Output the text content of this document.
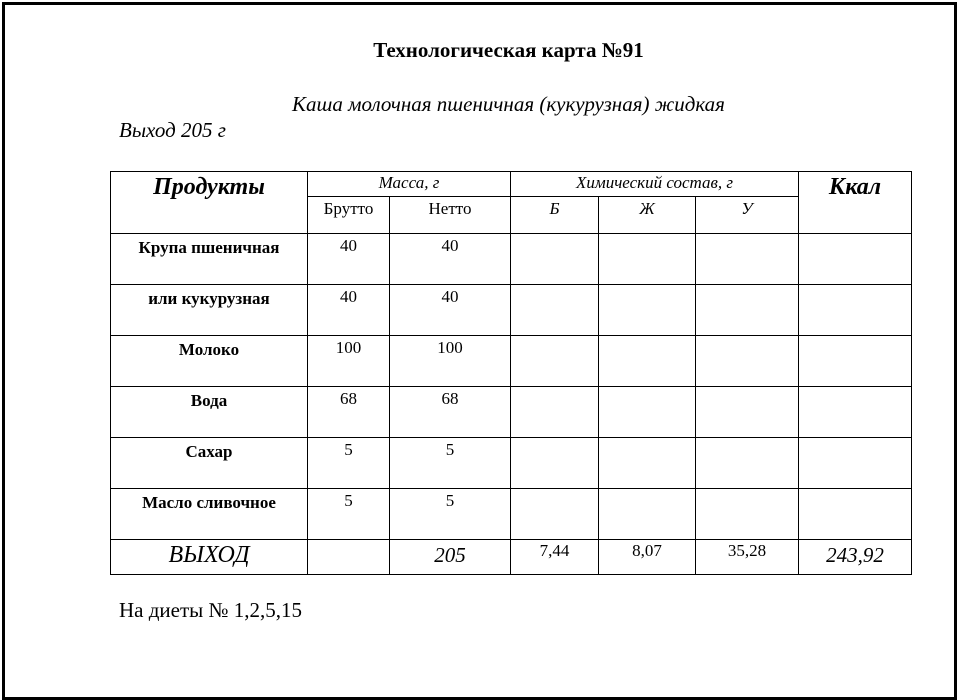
Технологическая карта №91
Каша молочная пшеничная (кукурузная) жидкая
Выход 205 г
Продукты	Масса, г		Химический состав, г			Ккал
	Брутто	Нетто	Б	Ж	У	
Крупа пшеничная	40	40				
или кукурузная	40	40				
Молоко	100	100				
Вода	68	68				
Сахар	5	5				
Масло сливочное	5	5				
ВЫХОД		205	7,44	8,07	35,28	243,92
На диеты № 1,2,5,15
